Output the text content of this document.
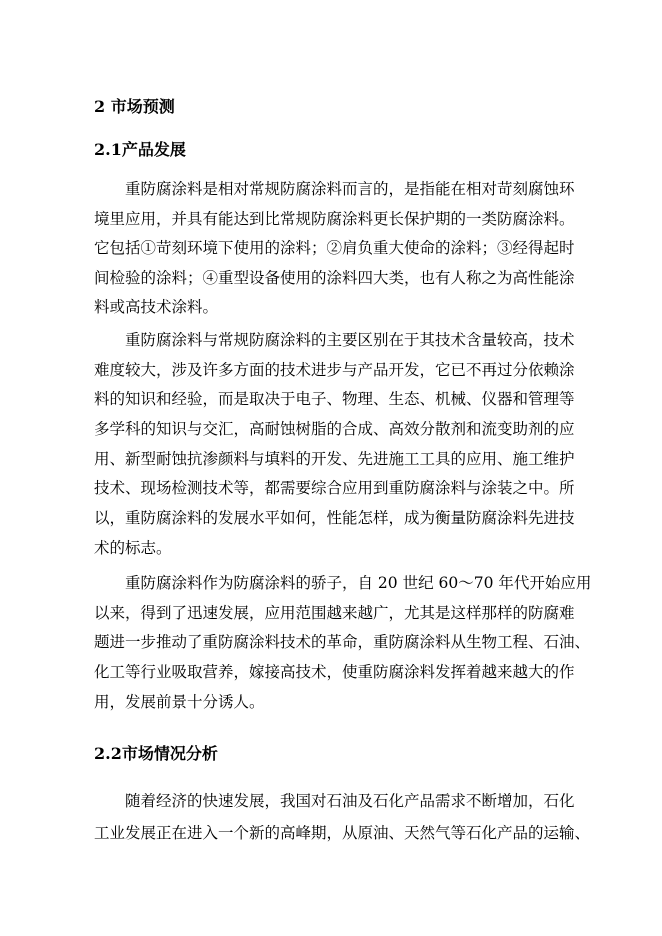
2 市场预测
2.1产品发展
重防腐涂料是相对常规防腐涂料而言的，是指能在相对苛刻腐蚀环
境里应用，并具有能达到比常规防腐涂料更长保护期的一类防腐涂料。
它包括①苛刻环境下使用的涂料；②肩负重大使命的涂料；③经得起时
间检验的涂料；④重型设备使用的涂料四大类，也有人称之为高性能涂
料或高技术涂料。
重防腐涂料与常规防腐涂料的主要区别在于其技术含量较高，技术
难度较大，涉及许多方面的技术进步与产品开发，它已不再过分依赖涂
料的知识和经验，而是取决于电子、物理、生态、机械、仪器和管理等
多学科的知识与交汇，高耐蚀树脂的合成、高效分散剂和流变助剂的应
用、新型耐蚀抗渗颜料与填料的开发、先进施工工具的应用、施工维护
技术、现场检测技术等，都需要综合应用到重防腐涂料与涂装之中。所
以，重防腐涂料的发展水平如何，性能怎样，成为衡量防腐涂料先进技
术的标志。
重防腐涂料作为防腐涂料的骄子，自 20 世纪 60～70 年代开始应用
以来，得到了迅速发展，应用范围越来越广，尤其是这样那样的防腐难
题进一步推动了重防腐涂料技术的革命，重防腐涂料从生物工程、石油、
化工等行业吸取营养，嫁接高技术，使重防腐涂料发挥着越来越大的作
用，发展前景十分诱人。
2.2市场情况分析
随着经济的快速发展，我国对石油及石化产品需求不断增加，石化
工业发展正在进入一个新的高峰期，从原油、天然气等石化产品的运输、
